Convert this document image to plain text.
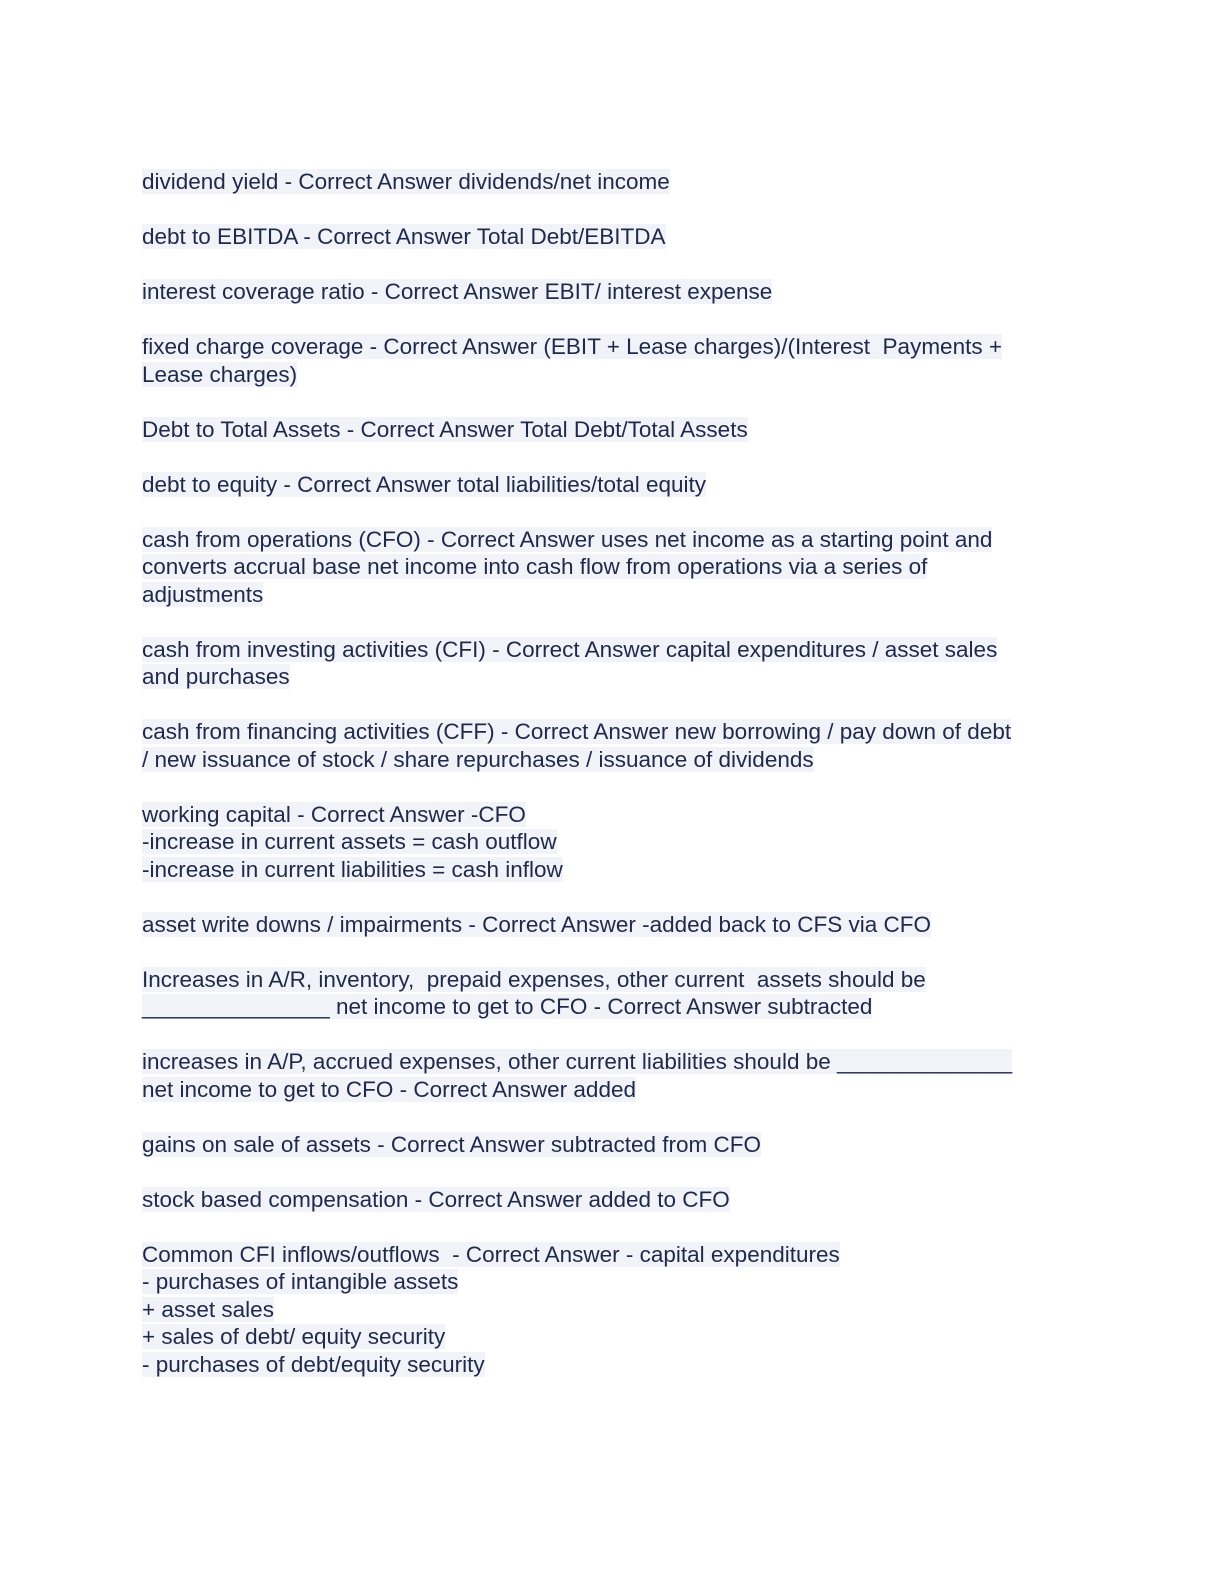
dividend yield - Correct Answer dividends/net income
debt to EBITDA - Correct Answer Total Debt/EBITDA
interest coverage ratio - Correct Answer EBIT/ interest expense
fixed charge coverage - Correct Answer (EBIT + Lease charges)/(Interest  Payments +
Lease charges)
Debt to Total Assets - Correct Answer Total Debt/Total Assets
debt to equity - Correct Answer total liabilities/total equity
cash from operations (CFO) - Correct Answer uses net income as a starting point and
converts accrual base net income into cash flow from operations via a series of
adjustments
cash from investing activities (CFI) - Correct Answer capital expenditures / asset sales
and purchases
cash from financing activities (CFF) - Correct Answer new borrowing / pay down of debt
/ new issuance of stock / share repurchases / issuance of dividends
working capital - Correct Answer -CFO
-increase in current assets = cash outflow
-increase in current liabilities = cash inflow
asset write downs / impairments - Correct Answer -added back to CFS via CFO
Increases in A/R, inventory,  prepaid expenses, other current  assets should be
_______________ net income to get to CFO - Correct Answer subtracted
increases in A/P, accrued expenses, other current liabilities should be ______________
net income to get to CFO - Correct Answer added
gains on sale of assets - Correct Answer subtracted from CFO
stock based compensation - Correct Answer added to CFO
Common CFI inflows/outflows  - Correct Answer - capital expenditures
- purchases of intangible assets
+ asset sales
+ sales of debt/ equity security
- purchases of debt/equity security
